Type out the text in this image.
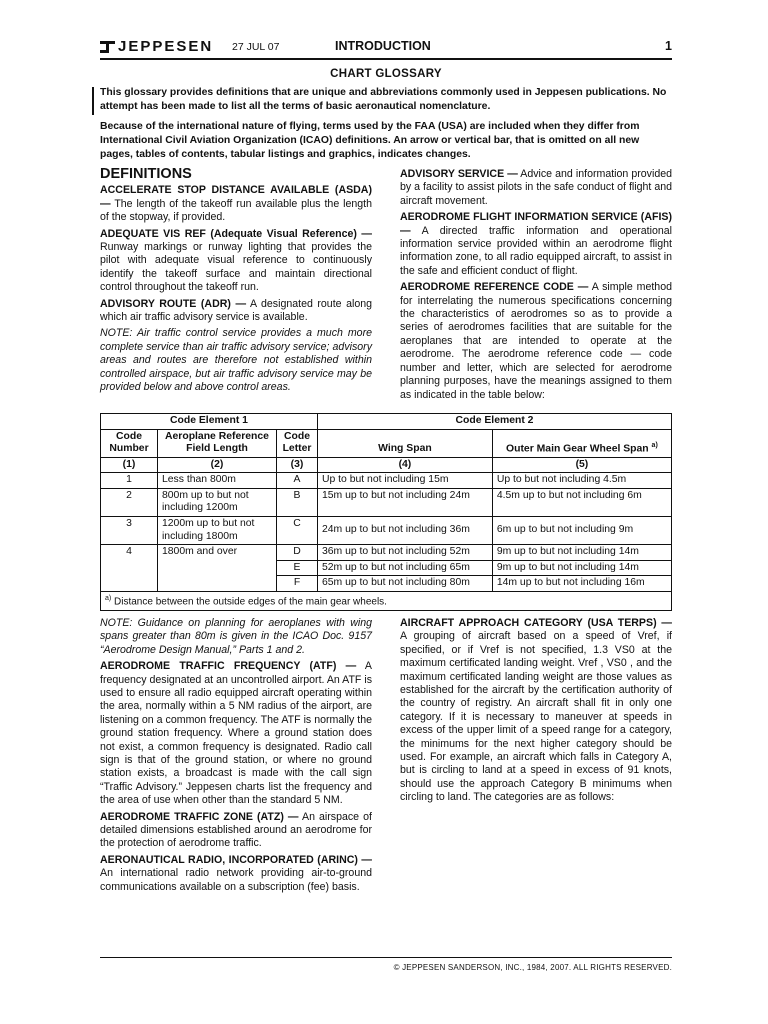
JEPPESEN 27 JUL 07	INTRODUCTION	1
CHART GLOSSARY

This glossary provides definitions that are unique and abbreviations commonly used in Jeppesen publications. No attempt has been made to list all the terms of basic aeronautical nomenclature.

Because of the international nature of flying, terms used by the FAA (USA) are included when they differ from International Civil Aviation Organization (ICAO) definitions. An arrow or vertical bar, that is omitted on all new pages, tables of contents, tabular listings and graphics, indicates changes.

DEFINITIONS

ACCELERATE STOP DISTANCE AVAILABLE (ASDA) — The length of the takeoff run available plus the length of the stopway, if provided.

ADEQUATE VIS REF (Adequate Visual Reference) — Runway markings or runway lighting that provides the pilot with adequate visual reference to continuously identify the takeoff surface and maintain directional control throughout the takeoff run.

ADVISORY ROUTE (ADR) — A designated route along which air traffic advisory service is available.

NOTE: Air traffic control service provides a much more complete service than air traffic advisory service; advisory areas and routes are therefore not established within controlled airspace, but air traffic advisory service may be provided below and above control areas.

ADVISORY SERVICE — Advice and information provided by a facility to assist pilots in the safe conduct of flight and aircraft movement.

AERODROME FLIGHT INFORMATION SERVICE (AFIS) — A directed traffic information and operational information service provided within an aerodrome flight information zone, to all radio equipped aircraft, to assist in the safe and efficient conduct of flight.

AERODROME REFERENCE CODE — A simple method for interrelating the numerous specifications concerning the characteristics of aerodromes so as to provide a series of aerodromes facilities that are suitable for the aeroplanes that are intended to operate at the aerodrome. The aerodrome reference code — code number and letter, which are selected for aerodrome planning purposes, have the meanings assigned to them as indicated in the table below:

Code Element 1			Code Element 2	
Code Number	Aeroplane Reference Field Length	Code Letter	Wing Span	Outer Main Gear Wheel Span $^{a)}$
(1)	(2)	(3)	(4)	(5)
1	Less than 800m	A	Up to but not including 15m	Up to but not including 4.5m
2	800m up to but not including 1200m	B	15m up to but not including 24m	4.5m up to but not including 6m
3	1200m up to but not including 1800m	C	24m up to but not including 36m	6m up to but not including 9m
4	1800m and over	D	36m up to but not including 52m	9m up to but not including 14m
		E	52m up to but not including 65m	9m up to but not including 14m
		F	65m up to but not including 80m	14m up to but not including 16m
$^{a)}$ Distance between the outside edges of the main gear wheels.				

NOTE: Guidance on planning for aeroplanes with wing spans greater than 80m is given in the ICAO Doc. 9157 “Aerodrome Design Manual,” Parts 1 and 2.

AERODROME TRAFFIC FREQUENCY (ATF) — A frequency designated at an uncontrolled airport. An ATF is used to ensure all radio equipped aircraft operating within the area, normally within a 5 NM radius of the airport, are listening on a common frequency. The ATF is normally the ground station frequency. Where a ground station does not exist, a common frequency is designated. Radio call sign is that of the ground station, or where no ground station exists, a broadcast is made with the call sign “Traffic Advisory.” Jeppesen charts list the frequency and the area of use when other than the standard 5 NM.

AERODROME TRAFFIC ZONE (ATZ) — An airspace of detailed dimensions established around an aerodrome for the protection of aerodrome traffic.

AERONAUTICAL RADIO, INCORPORATED (ARINC) — An international radio network providing air-to-ground communications available on a subscription (fee) basis.

AIRCRAFT APPROACH CATEGORY (USA TERPS) — A grouping of aircraft based on a speed of Vref, if specified, or if Vref is not specified, 1.3 VS0 at the maximum certificated landing weight. Vref , VS0 , and the maximum certificated landing weight are those values as established for the aircraft by the certification authority of the country of registry. An aircraft shall fit in only one category. If it is necessary to maneuver at speeds in excess of the upper limit of a speed range for a category, the minimums for the next higher category should be used. For example, an aircraft which falls in Category A, but is circling to land at a speed in excess of 91 knots, should use the approach Category B minimums when circling to land. The categories are as follows:

© JEPPESEN SANDERSON, INC., 1984, 2007. ALL RIGHTS RESERVED.
